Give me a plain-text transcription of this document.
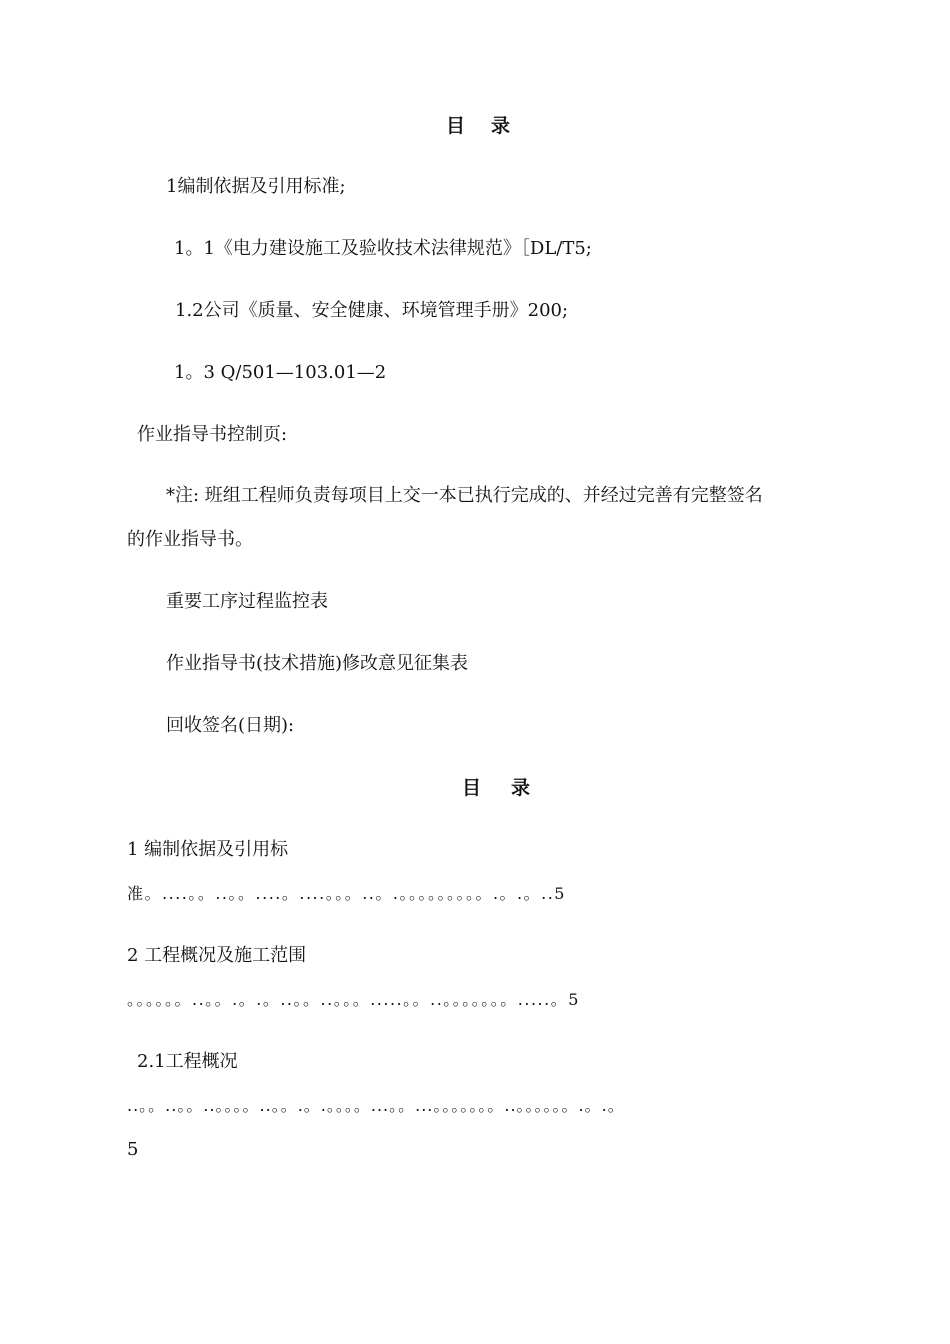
目 录
1编制依据及引用标准;
1。1《电力建设施工及验收技术法律规范》［DL/T5;
1.2公司《质量、安全健康、环境管理手册》200;
1。3 Q/501—103.01—2
作业指导书控制页:
*注: 班组工程师负责每项目上交一本已执行完成的、并经过完善有完整签名
的作业指导书。
重要工序过程监控表
作业指导书(技术措施)修改意见征集表
回收签名(日期):
目 录
1 编制依据及引用标
准。....。。..。。....。....。。。..。.。。。。。。。。。.。.。..5
2 工程概况及施工范围
。。。。。。..。。.。.。..。。..。。。.....。。..。。。。。。。.....。5
2.1工程概况
..。。..。。..。。。。..。。.。.。。。。...。。...。。。。。。。..。。。。。。.。.。
5
